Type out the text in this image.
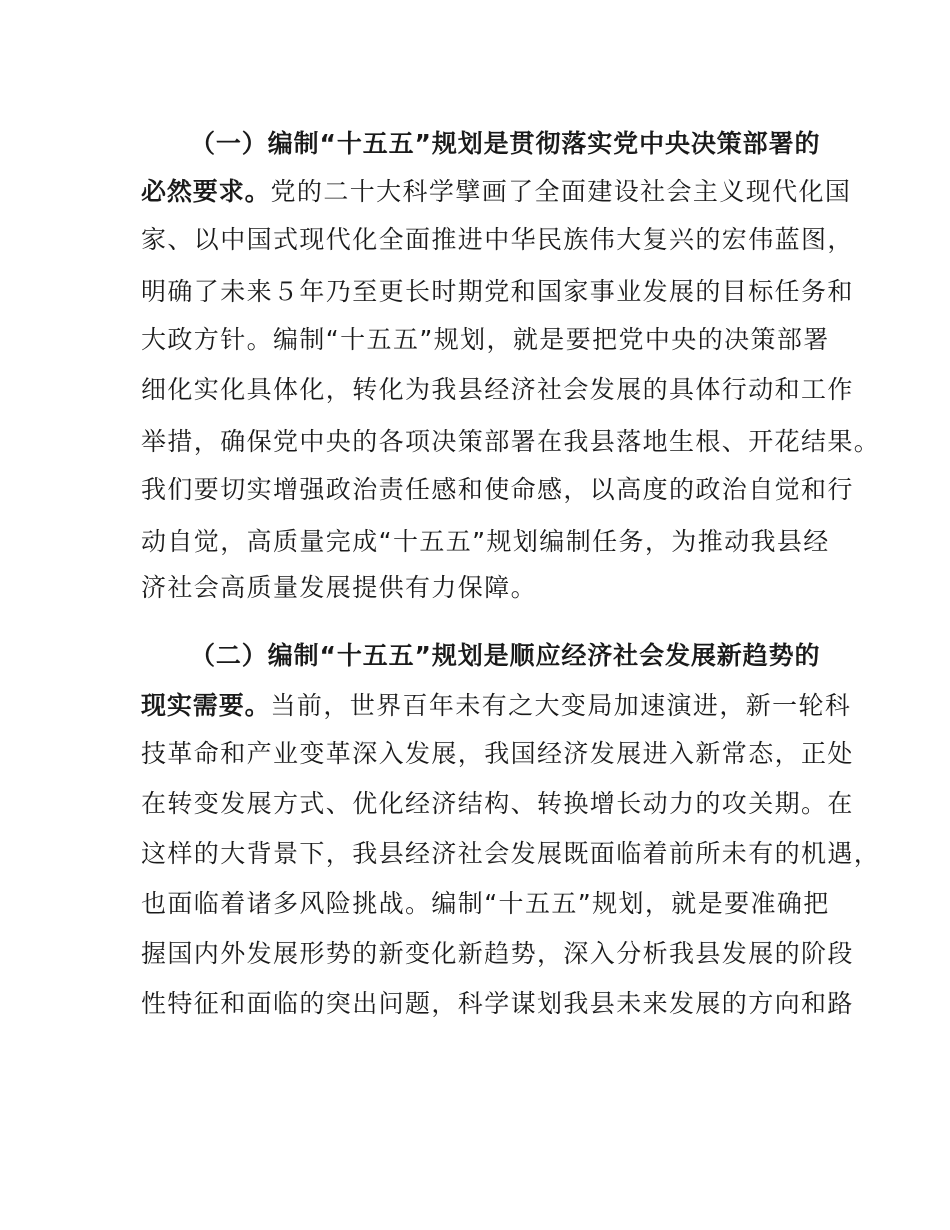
（一）编制“十五五”规划是贯彻落实党中央决策部署的
必然要求。党的二十大科学擘画了全面建设社会主义现代化国
家、以中国式现代化全面推进中华民族伟大复兴的宏伟蓝图，
明确了未来５年乃至更长时期党和国家事业发展的目标任务和
大政方针。编制“十五五”规划，就是要把党中央的决策部署
细化实化具体化，转化为我县经济社会发展的具体行动和工作
举措，确保党中央的各项决策部署在我县落地生根、开花结果。
我们要切实增强政治责任感和使命感，以高度的政治自觉和行
动自觉，高质量完成“十五五”规划编制任务，为推动我县经
济社会高质量发展提供有力保障。
（二）编制“十五五”规划是顺应经济社会发展新趋势的
现实需要。当前，世界百年未有之大变局加速演进，新一轮科
技革命和产业变革深入发展，我国经济发展进入新常态，正处
在转变发展方式、优化经济结构、转换增长动力的攻关期。在
这样的大背景下，我县经济社会发展既面临着前所未有的机遇，
也面临着诸多风险挑战。编制“十五五”规划，就是要准确把
握国内外发展形势的新变化新趋势，深入分析我县发展的阶段
性特征和面临的突出问题，科学谋划我县未来发展的方向和路
